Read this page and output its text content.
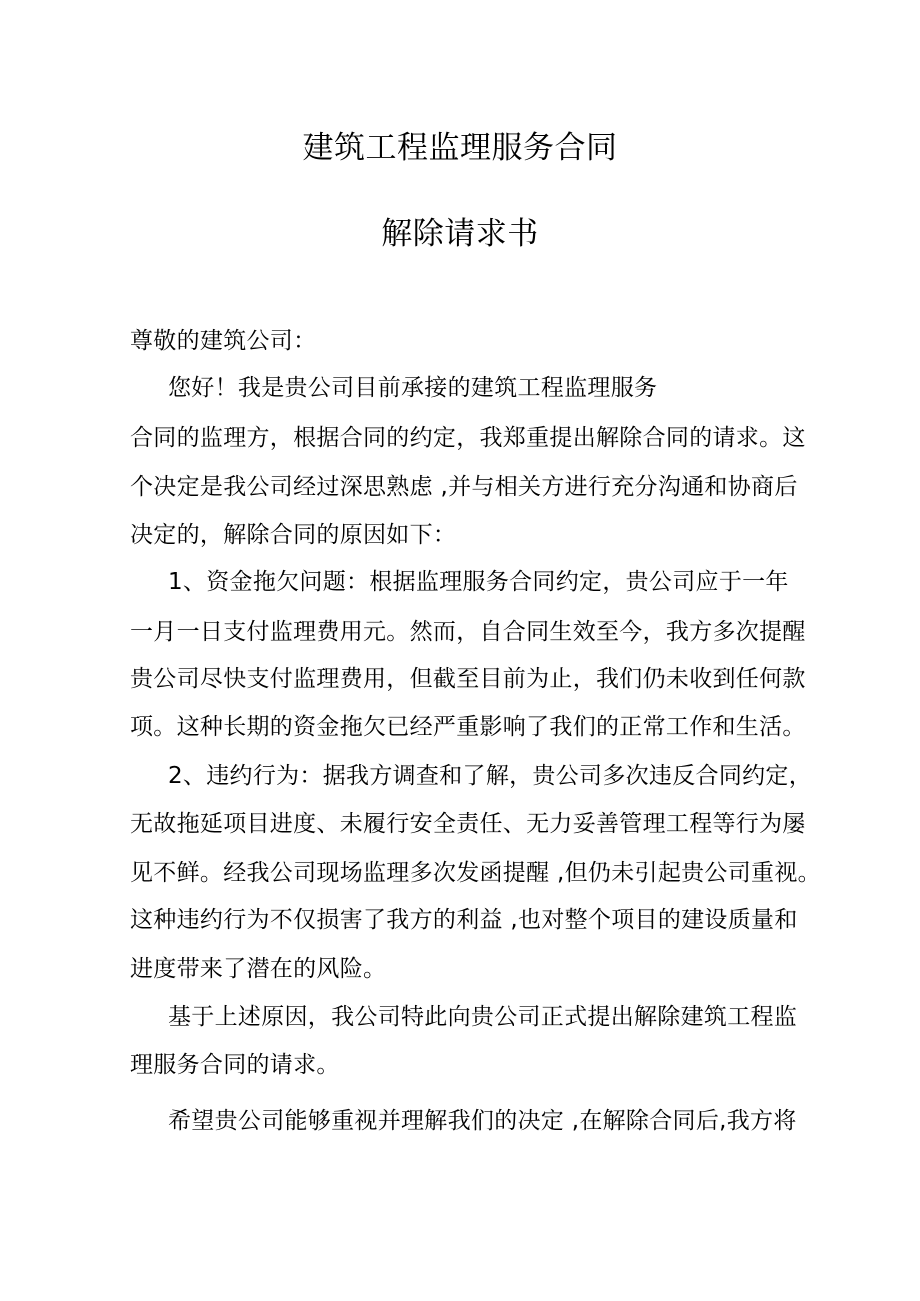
建筑工程监理服务合同
解除请求书
尊敬的建筑公司：
您好！我是贵公司目前承接的建筑工程监理服务
合同的监理方，根据合同的约定，我郑重提出解除合同的请求。这
个决定是我公司经过深思熟虑 ,并与相关方进行充分沟通和协商后
决定的，解除合同的原因如下：
1、资金拖欠问题：根据监理服务合同约定，贵公司应于一年
一月一日支付监理费用元。然而，自合同生效至今，我方多次提醒
贵公司尽快支付监理费用，但截至目前为止，我们仍未收到任何款
项。这种长期的资金拖欠已经严重影响了我们的正常工作和生活。
2、违约行为：据我方调查和了解，贵公司多次违反合同约定，
无故拖延项目进度、未履行安全责任、无力妥善管理工程等行为屡
见不鲜。经我公司现场监理多次发函提醒 ,但仍未引起贵公司重视。
这种违约行为不仅损害了我方的利益 ,也对整个项目的建设质量和
进度带来了潜在的风险。
基于上述原因，我公司特此向贵公司正式提出解除建筑工程监
理服务合同的请求。
希望贵公司能够重视并理解我们的决定 ,在解除合同后,我方将
